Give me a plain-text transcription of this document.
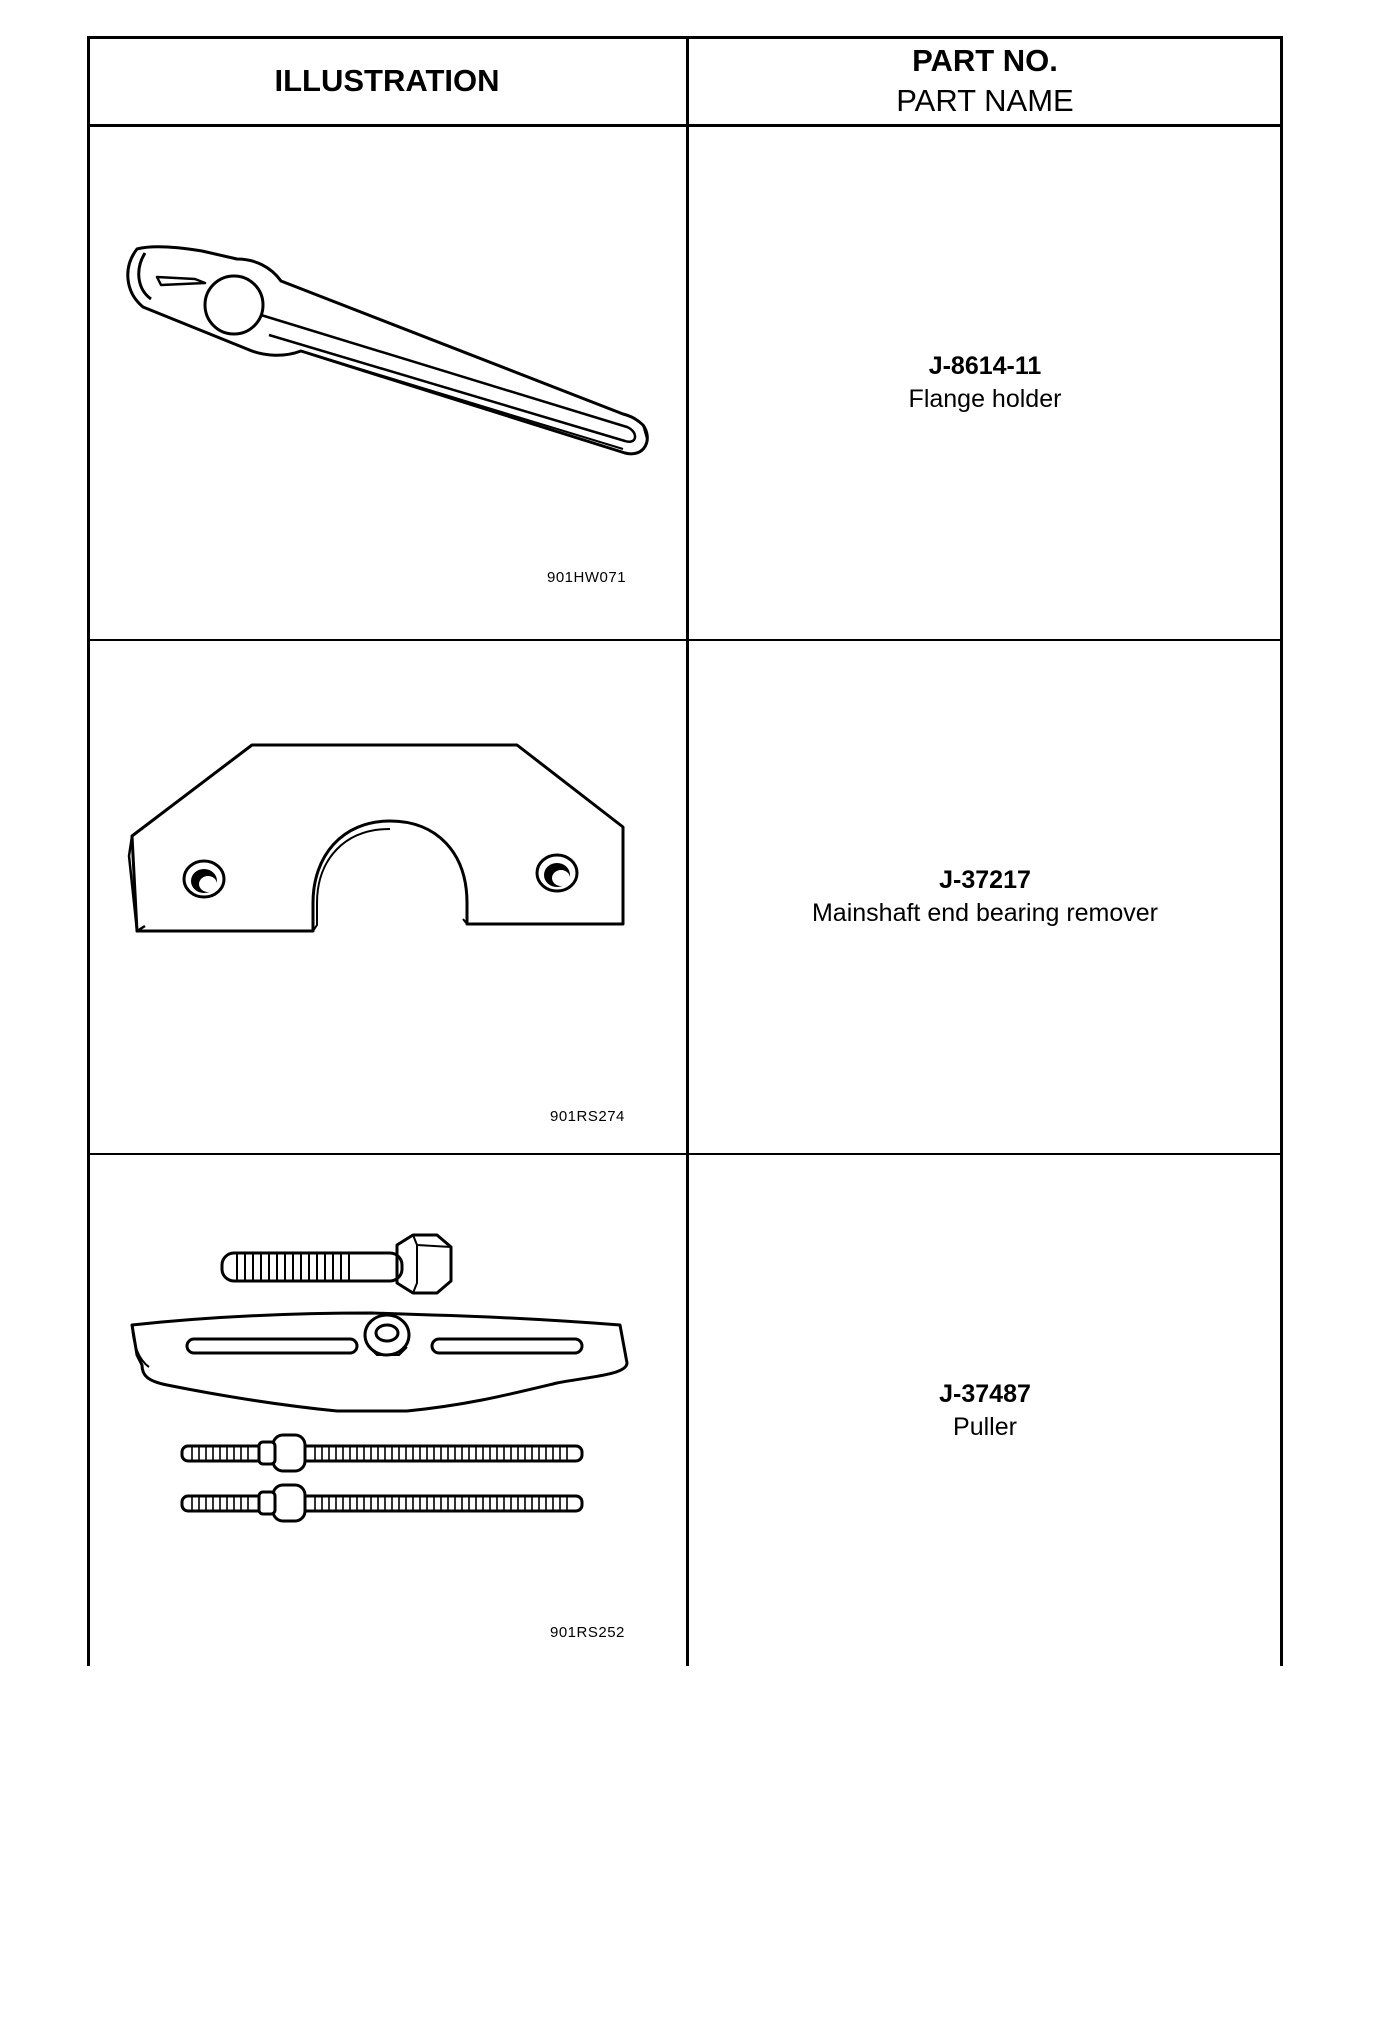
ILLUSTRATION
PART NO.
PART NAME
901HW071
J-8614-11
Flange holder
901RS274
J-37217
Mainshaft end bearing remover
901RS252
J-37487
Puller
